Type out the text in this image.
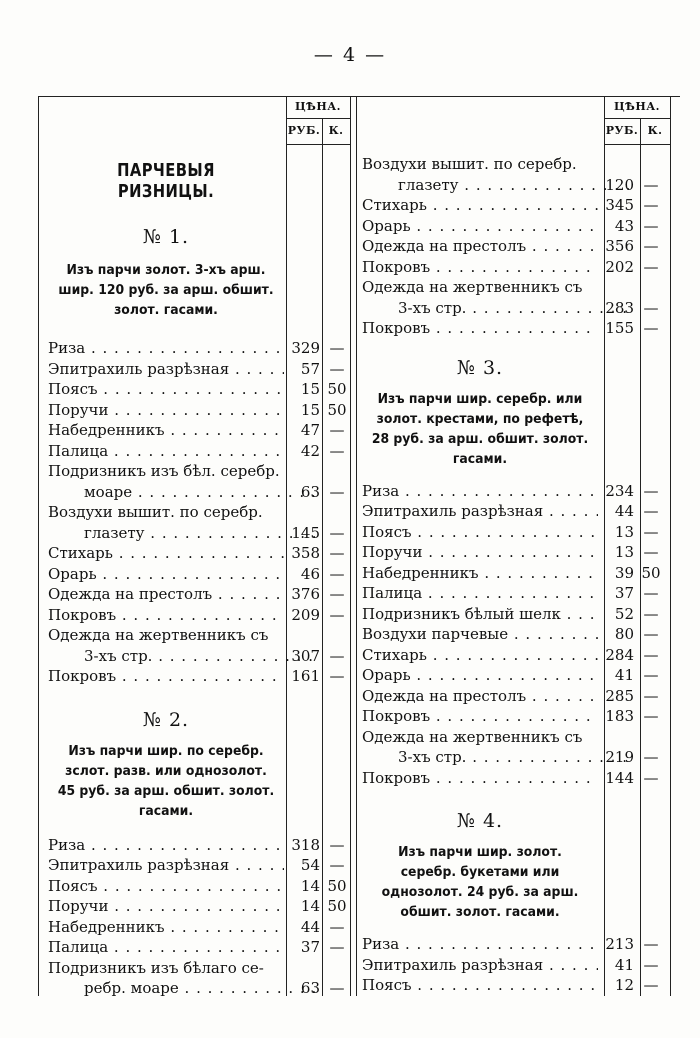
— 4 —
ЦѢНА.
РУБ. К.
ЦѢНА.
РУБ. К.
ПАРЧЕВЫЯ РИЗНИЦЫ.
№ 1.
Изъ парчи золот. 3-хъ арш. шир. 120 руб. за арш. обшит. золот. гасами.
Риза . . .	329 —
Эпитрахиль разрѣзная . . .	57 —
Поясъ . . .	15 50
Поручи . . .	15 50
Набедренникъ . . .	47 —
Палица . . .	42 —
Подризникъ изъ бѣл. серебр.
моаре . . .	63 —
Воздухи вышит. по серебр.
глазету . . .	145 —
Стихарь . . .	358 —
Орарь . . .	46 —
Одежда на престолъ . . .	376 —
Покровъ . . .	209 —
Одежда на жертвенникъ съ
3-хъ стр. . . .	307 —
Покровъ . . .	161 —
№ 2.
Изъ парчи шир. по серебр. зслот. разв. или однозолот. 45 руб. за арш. обшит. золот. гасами.
Риза . . .	318 —
Эпитрахиль разрѣзная . . .	54 —
Поясъ . . .	14 50
Поручи . . .	14 50
Набедренникъ . . .	44 —
Палица . . .	37 —
Подризникъ изъ бѣлаго се-
ребр. моаре . . .	63 —
Воздухи вышит. по серебр.
глазету . . .	120 —
Стихарь . . .	345 —
Орарь . . .	43 —
Одежда на престолъ . . .	356 —
Покровъ . . .	202 —
Одежда на жертвенникъ съ
3-хъ стр. . . .	283 —
Покровъ . . .	155 —
№ 3.
Изъ парчи шир. серебр. или золот. крестами, по рефетѣ, 28 руб. за арш. обшит. золот. гасами.
Риза . . .	234 —
Эпитрахиль разрѣзная . . .	44 —
Поясъ . . .	13 —
Поручи . . .	13 —
Набедренникъ . . .	39 50
Палица . . .	37 —
Подризникъ бѣлый шелк . . .	52 —
Воздухи парчевые . . .	80 —
Стихарь . . .	284 —
Орарь . . .	41 —
Одежда на престолъ . . .	285 —
Покровъ . . .	183 —
Одежда на жертвенникъ съ
3-хъ стр. . . .	219 —
Покровъ . . .	144 —
№ 4.
Изъ парчи шир. золот. серебр. букетами или однозолот. 24 руб. за арш. обшит. золот. гасами.
Риза . . .	213 —
Эпитрахиль разрѣзная . . .	41 —
Поясъ . . .	12 —
